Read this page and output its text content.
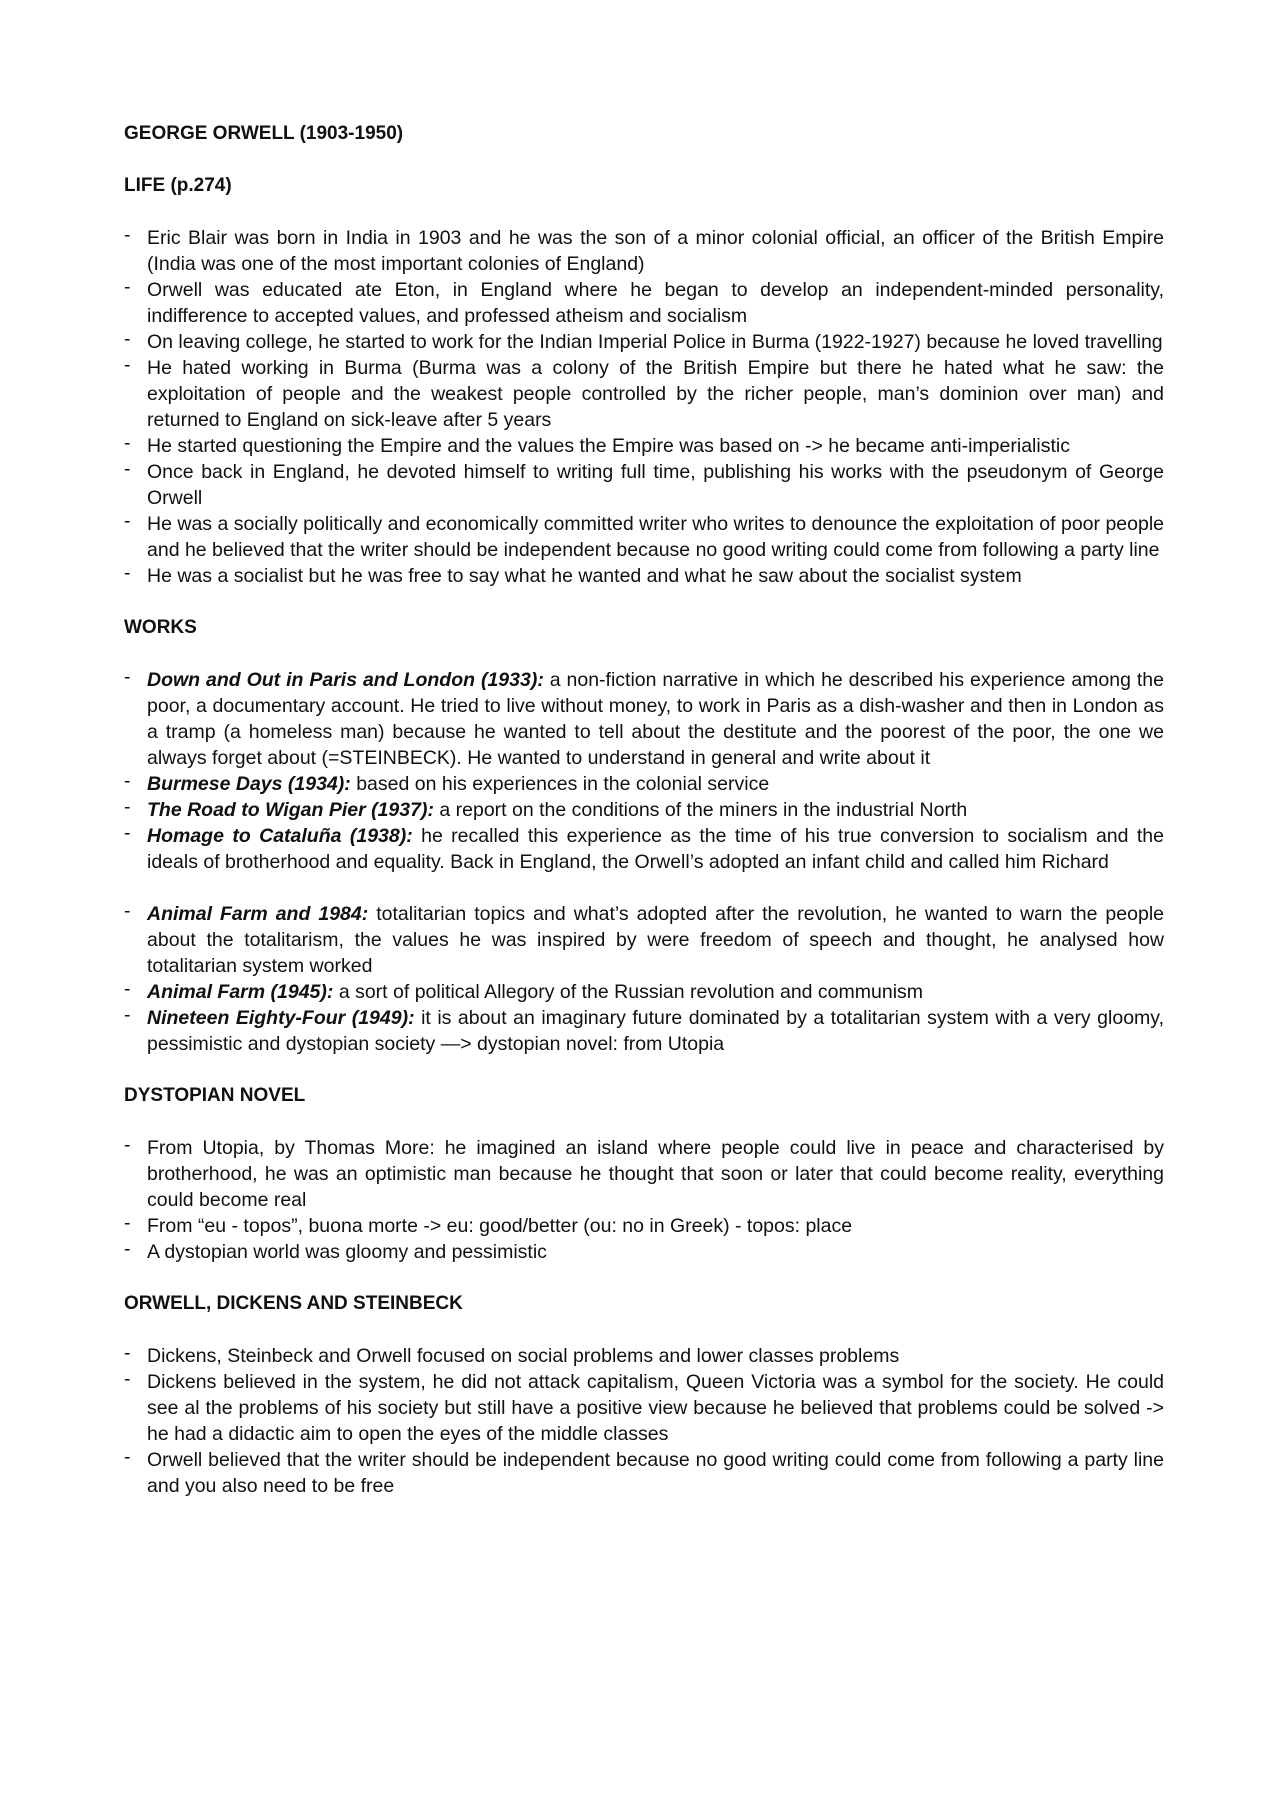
GEORGE ORWELL (1903-1950)

LIFE (p.274)

- Eric Blair was born in India in 1903 and he was the son of a minor colonial official, an officer of the British Empire (India was one of the most important colonies of England)
- Orwell was educated ate Eton, in England where he began to develop an independent-minded personality, indifference to accepted values, and professed atheism and socialism
- On leaving college, he started to work for the Indian Imperial Police in Burma (1922-1927) because he loved travelling
- He hated working in Burma (Burma was a colony of the British Empire but there he hated what he saw: the exploitation of people and the weakest people controlled by the richer people, man’s dominion over man) and returned to England on sick-leave after 5 years
- He started questioning the Empire and the values the Empire was based on -> he became anti-imperialistic
- Once back in England, he devoted himself to writing full time, publishing his works with the pseudonym of George Orwell
- He was a socially politically and economically committed writer who writes to denounce the exploitation of poor people and he believed that the writer should be independent because no good writing could come from following a party line
- He was a socialist but he was free to say what he wanted and what he saw about the socialist system

WORKS

- Down and Out in Paris and London (1933): a non-fiction narrative in which he described his experience among the poor, a documentary account. He tried to live without money, to work in Paris as a dish-washer and then in London as a tramp (a homeless man) because he wanted to tell about the destitute and the poorest of the poor, the one we always forget about (=STEINBECK). He wanted to understand in general and write about it
- Burmese Days (1934): based on his experiences in the colonial service
- The Road to Wigan Pier (1937): a report on the conditions of the miners in the industrial North
- Homage to Cataluña (1938): he recalled this experience as the time of his true conversion to socialism and the ideals of brotherhood and equality. Back in England, the Orwell’s adopted an infant child and called him Richard
- Animal Farm and 1984: totalitarian topics and what’s adopted after the revolution, he wanted to warn the people about the totalitarism, the values he was inspired by were freedom of speech and thought, he analysed how totalitarian system worked
- Animal Farm (1945): a sort of political Allegory of the Russian revolution and communism
- Nineteen Eighty-Four (1949): it is about an imaginary future dominated by a totalitarian system with a very gloomy, pessimistic and dystopian society —> dystopian novel: from Utopia

DYSTOPIAN NOVEL

- From Utopia, by Thomas More: he imagined an island where people could live in peace and characterised by brotherhood, he was an optimistic man because he thought that soon or later that could become reality, everything could become real
- From “eu - topos”, buona morte -> eu: good/better (ou: no in Greek) - topos: place
- A dystopian world was gloomy and pessimistic

ORWELL, DICKENS AND STEINBECK

- Dickens, Steinbeck and Orwell focused on social problems and lower classes problems
- Dickens believed in the system, he did not attack capitalism, Queen Victoria was a symbol for the society. He could see al the problems of his society but still have a positive view because he believed that problems could be solved -> he had a didactic aim to open the eyes of the middle classes
- Orwell believed that the writer should be independent because no good writing could come from following a party line and you also need to be free
